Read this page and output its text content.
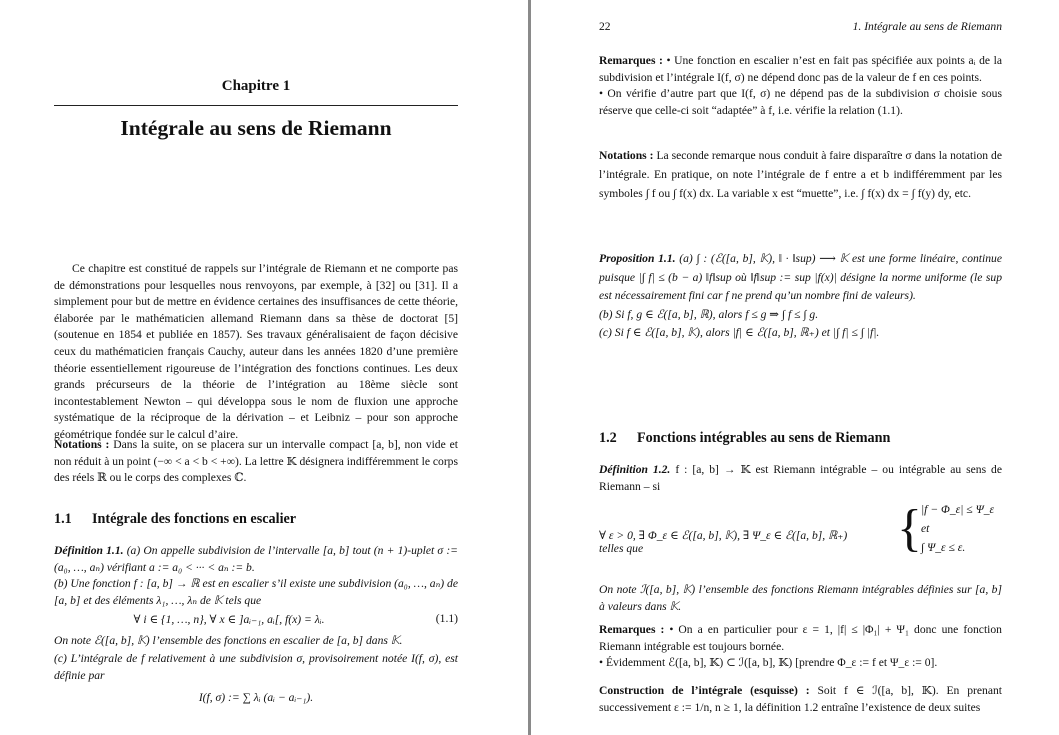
Chapitre 1
Intégrale au sens de Riemann
Ce chapitre est constitué de rappels sur l’intégrale de Riemann et ne comporte pas de démonstrations pour lesquelles nous renvoyons, par exemple, à [32] ou [31]. Il a simplement pour but de mettre en évidence certaines des insuffisances de cette théorie, élaborée par le mathématicien allemand Riemann dans sa thèse de doctorat [5] (soutenue en 1854 et publiée en 1857). Ses travaux généralisaient de façon décisive ceux du mathématicien français Cauchy, auteur dans les années 1820 d’une première théorie essentiellement rigoureuse de l’intégration des fonctions continues. Les deux grands précurseurs de la théorie de l’intégration au 18ème siècle sont incontestablement Newton – qui développa sous le nom de fluxion une approche systématique de la réciproque de la dérivation – et Leibniz – pour son approche géométrique fondée sur le calcul d’aire.
Notations : Dans la suite, on se placera sur un intervalle compact [a, b], non vide et non réduit à un point (−∞ < a < b < +∞). La lettre 𝕂 désignera indifféremment le corps des réels ℝ ou le corps des complexes ℂ.
1.1 Intégrale des fonctions en escalier
Définition 1.1. (a) On appelle subdivision de l’intervalle [a, b] tout (n + 1)-uplet σ := (a₀, …, aₙ) vérifiant a := a₀ < ··· < aₙ := b.
(b) Une fonction f : [a, b] → ℝ est en escalier s’il existe une subdivision (a₀, …, aₙ) de [a, b] et des éléments λ₁, …, λₙ de 𝕂 tels que
∀ i ∈ {1, …, n}, ∀ x ∈ ]aᵢ₋₁, aᵢ[, f(x) = λᵢ.	(1.1)
On note ℰ([a, b], 𝕂) l’ensemble des fonctions en escalier de [a, b] dans 𝕂.
(c) L’intégrale de f relativement à une subdivision σ, provisoirement notée I(f, σ), est définie par
I(f, σ) := ∑ λᵢ (aᵢ − aᵢ₋₁).
22	1. Intégrale au sens de Riemann
Remarques : • Une fonction en escalier n’est en fait pas spécifiée aux points aᵢ de la subdivision et l’intégrale I(f, σ) ne dépend donc pas de la valeur de f en ces points.
• On vérifie d’autre part que I(f, σ) ne dépend pas de la subdivision σ choisie sous réserve que celle-ci soit “adaptée” à f, i.e. vérifie la relation (1.1).
Notations : La seconde remarque nous conduit à faire disparaître σ dans la notation de l’intégrale. En pratique, on note l’intégrale de f entre a et b indifféremment par les symboles ∫ f ou ∫ f(x) dx. La variable x est “muette”, i.e. ∫ f(x) dx = ∫ f(y) dy, etc.
Proposition 1.1. (a) ∫ : (ℰ([a, b], 𝕂), ‖ · ‖sup) ⟶ 𝕂 est une forme linéaire, continue puisque |∫ f| ≤ (b − a) ‖f‖sup où ‖f‖sup := sup |f(x)| désigne la norme uniforme (le sup est nécessairement fini car f ne prend qu’un nombre fini de valeurs).
(b) Si f, g ∈ ℰ([a, b], ℝ), alors f ≤ g ⇒ ∫ f ≤ ∫ g.
(c) Si f ∈ ℰ([a, b], 𝕂), alors |f| ∈ ℰ([a, b], ℝ₊) et |∫ f| ≤ ∫ |f|.
1.2 Fonctions intégrables au sens de Riemann
Définition 1.2. f : [a, b] → 𝕂 est Riemann intégrable – ou intégrable au sens de Riemann – si
∀ ε > 0, ∃ Φ_ε ∈ ℰ([a, b], 𝕂), ∃ Ψ_ε ∈ ℰ([a, b], ℝ₊) telles que	{ |f − Φ_ε| ≤ Ψ_ε
et
∫ Ψ_ε ≤ ε.
On note ℐ([a, b], 𝕂) l’ensemble des fonctions Riemann intégrables définies sur [a, b] à valeurs dans 𝕂.
Remarques : • On a en particulier pour ε = 1, |f| ≤ |Φ₁| + Ψ₁ donc une fonction Riemann intégrable est toujours bornée.
• Évidemment ℰ([a, b], 𝕂) ⊂ ℐ([a, b], 𝕂) [prendre Φ_ε := f et Ψ_ε := 0].
Construction de l’intégrale (esquisse) : Soit f ∈ ℐ([a, b], 𝕂). En prenant successivement ε := 1/n, n ≥ 1, la définition 1.2 entraîne l’existence de deux suites
